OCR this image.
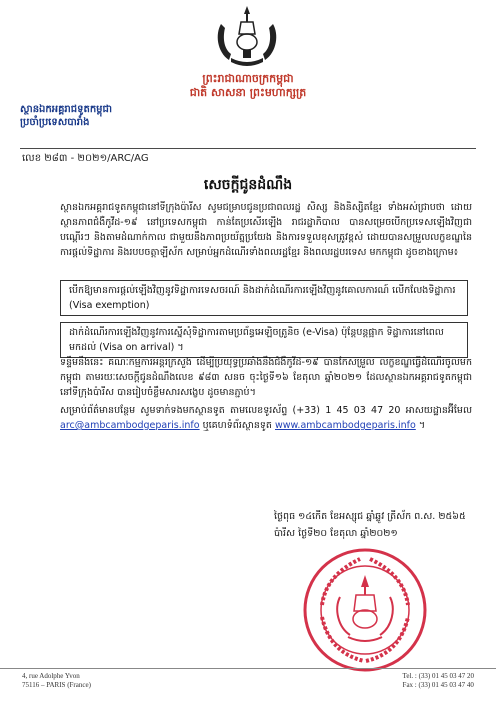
ព្រះរាជាណាចក្រកម្ពុជា
ជាតិ សាសនា ព្រះមហាក្សត្រ
ស្ថានឯកអគ្គរាជទូតកម្ពុជា
ប្រចាំប្រទេសបារាំង
លេខ ២៨៣ - ២០២១/ARC/AG
សេចក្តីជូនដំណឹង
ស្ថានឯកអគ្គរាជទូតកម្ពុជានៅទីក្រុងប៉ារីស សូមជម្រាបជូនប្រជាពលរដ្ឋ សិស្ស និងនិស្សិតខ្មែរ ទាំងអស់ជ្រាបថា ដោយស្ថានភាពជំងឺកូវីដ-១៩ នៅប្រទេសកម្ពុជា កាន់តែប្រសើរឡើង រាជរដ្ឋាភិបាល បានសម្រេចបើកប្រទេសឡើងវិញជាបណ្តើរៗ និងតាមដំណាក់កាល ជាមួយនឹងភាពប្រយ័ត្នប្រយែង និងការទទួលខុសត្រូវខ្ពស់ ដោយបានសម្រួលលក្ខខណ្ឌនៃការផ្តល់ទិដ្ឋាការ និងរបបចត្តាឡីស័ក សម្រាប់អ្នកដំណើរទាំងពលរដ្ឋខ្មែរ និងពលរដ្ឋបរទេស មកកម្ពុជា ដូចខាងក្រោម៖
បើកឱ្យមានការផ្តល់ឡើងវិញនូវទិដ្ឋាការទេសចរណ៍ និងដាក់ដំណើរការឡើងវិញនូវគោលការណ៍ លើកលែងទិដ្ឋាការ (Visa exemption)
ដាក់ដំណើរការឡើងវិញនូវការស្នើសុំទិដ្ឋាការតាមប្រព័ន្ធអេឡិចត្រូនិច (e-Visa) ប៉ុន្តែបន្តផ្អាក ទិដ្ឋាការនៅពេលមកដល់ (Visa on arrival) ។
ទន្ទឹមនឹងនេះ គណៈកម្មការអន្តរក្រសួង ដើម្បីប្រយុទ្ធប្រឆាំងនឹងជំងឺកូវីដ-១៩ បានកែសម្រួល លក្ខខណ្ឌធ្វើដំណើរចូលមកកម្ពុជា តាមរយៈសេចក្តីជូនដំណឹងលេខ ៩៨៣ សនច ចុះថ្ងៃទី១៦ ខែតុលា ឆ្នាំ២០២១ ដែលស្ថានឯកអគ្គរាជទូតកម្ពុជានៅទីក្រុងប៉ារីស បានរៀបចំខ្លឹមសារសង្ខេប ដូចមានភ្ជាប់។
សម្រាប់ព័ត៌មានបន្ថែម សូមទាក់ទងមកស្ថានទូត តាមលេខទូរស័ព្ទ (+33) 1 45 03 47 20 អាសយដ្ឋានអ៊ីមែល arc@ambcambodgeparis.info ឬគេហទំព័រស្ថានទូត www.ambcambodgeparis.info ។
ថ្ងៃពុធ ១៤កើត ខែអស្សុជ ឆ្នាំឆ្លូវ ត្រីស័ក ព.ស. ២៥៦៥
ប៉ារីស ថ្ងៃទី២០ ខែតុលា ឆ្នាំ២០២១
4, rue Adolphe Yvon
75116 – PARIS (France)
Tel. : (33) 01 45 03 47 20
Fax : (33) 01 45 03 47 40
